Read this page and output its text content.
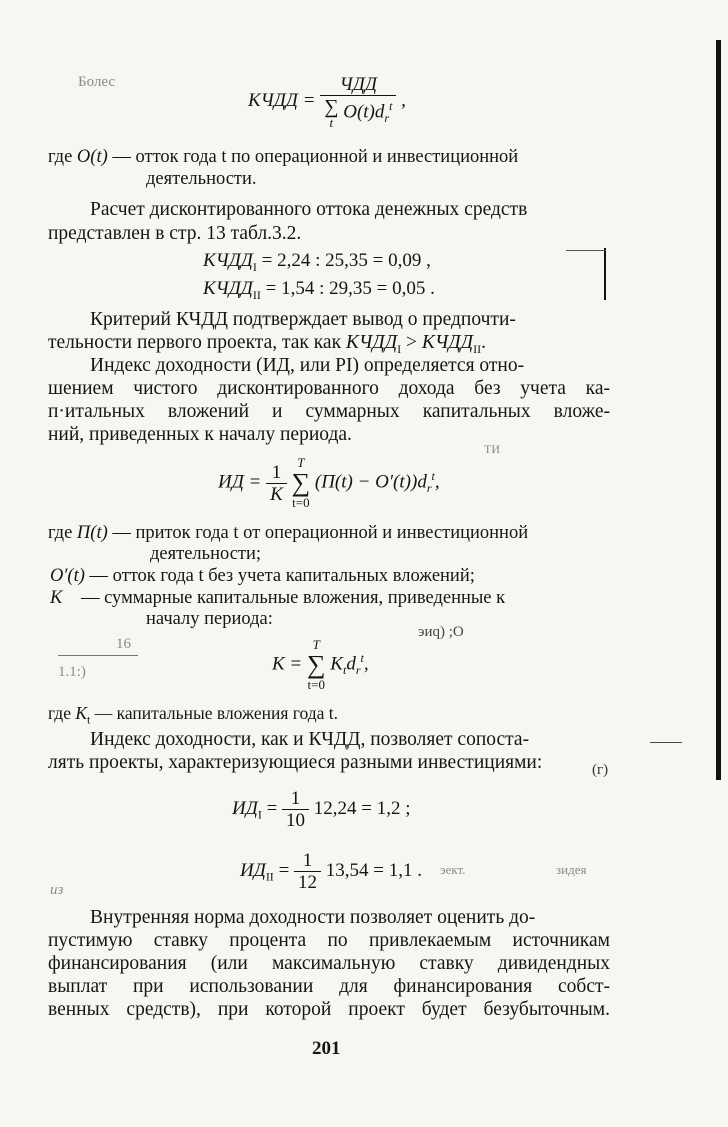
Болес
16
1.1:)
из
эиq) ;О
ТИ
эект.	зидея
(г)
КЧДД = ЧДД
∑
t
$O(t)d_r^t$ ,
где O(t) — отток года t по операционной и инвестиционной
деятельности.
Расчет дисконтированного оттока денежных средств
представлен в стр. 13 табл.3.2.
$КЧДД_I = 2,24$ : 25,35 = 0,09 ,
$КЧДД_{II} = 1,54$ : 29,35 = 0,05 .
Критерий КЧДД подтверждает вывод о предпочти-
тельности первого проекта, так как $КЧДД_I$ > $КЧДД_{II}$.
Индекс доходности (ИД, или PI) определяется отно-
шением чистого дисконтированного дохода без учета ка-
п·итальных вложений и суммарных капитальных вложе-
ний, приведенных к началу периода.
ИД = $\frac{1}{K}$
T
∑
t=0
$(П(t) - O'(t))d_r^t$,
где П(t) — приток года t от операционной и инвестиционной
деятельности;
O′(t) — отток года t без учета капитальных вложений;
K — суммарные капитальные вложения, приведенные к
началу периода:
K =
T
∑
t=0
$K_td_r^t$,
где $K_t$ — капитальные вложения года t.
Индекс доходности, как и КЧДД, позволяет сопоста-
лять проекты, характеризующиеся разными инвестициями:
$ИД_I = \frac{1}{10} 12,24 = 1,2$ ;
$ИД_{II} = \frac{1}{12} 13,54 = 1,1$ .
Внутренняя норма доходности позволяет оценить до-
пустимую ставку процента по привлекаемым источникам
финансирования (или максимальную ставку дивидендных
выплат при использовании для финансирования собст-
венных средств), при которой проект будет безубыточным.
201
